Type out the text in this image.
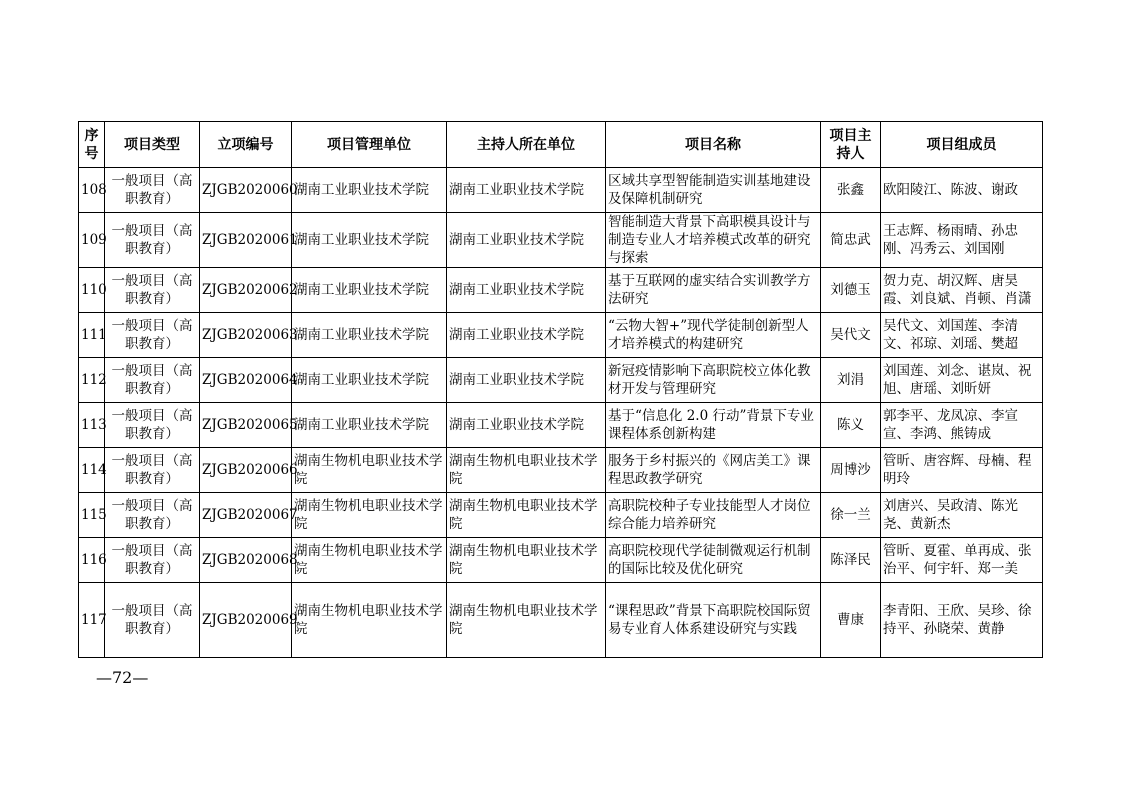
序号	项目类型	立项编号	项目管理单位	主持人所在单位	项目名称	项目主持人	项目组成员
108	一般项目（高职教育）	ZJGB2020060	湖南工业职业技术学院	湖南工业职业技术学院	区域共享型智能制造实训基地建设及保障机制研究	张鑫	欧阳陵江、陈波、谢政
109	一般项目（高职教育）	ZJGB2020061	湖南工业职业技术学院	湖南工业职业技术学院	智能制造大背景下高职模具设计与制造专业人才培养模式改革的研究与探索	简忠武	王志辉、杨雨晴、孙忠刚、冯秀云、刘国刚
110	一般项目（高职教育）	ZJGB2020062	湖南工业职业技术学院	湖南工业职业技术学院	基于互联网的虚实结合实训教学方法研究	刘德玉	贺力克、胡汉辉、唐昊霞、刘良斌、肖顿、肖潇
111	一般项目（高职教育）	ZJGB2020063	湖南工业职业技术学院	湖南工业职业技术学院	“云物大智+”现代学徒制创新型人才培养模式的构建研究	吴代文	吴代文、刘国莲、李清文、祁琼、刘瑶、樊超
112	一般项目（高职教育）	ZJGB2020064	湖南工业职业技术学院	湖南工业职业技术学院	新冠疫情影响下高职院校立体化教材开发与管理研究	刘涓	刘国莲、刘念、谌岚、祝旭、唐瑶、刘昕妍
113	一般项目（高职教育）	ZJGB2020065	湖南工业职业技术学院	湖南工业职业技术学院	基于“信息化 2.0 行动”背景下专业课程体系创新构建	陈义	郭李平、龙凤凉、李宣宣、李鸿、熊铸成
114	一般项目（高职教育）	ZJGB2020066	湖南生物机电职业技术学院	湖南生物机电职业技术学院	服务于乡村振兴的《网店美工》课程思政教学研究	周博沙	管昕、唐容辉、母楠、程明玲
115	一般项目（高职教育）	ZJGB2020067	湖南生物机电职业技术学院	湖南生物机电职业技术学院	高职院校种子专业技能型人才岗位综合能力培养研究	徐一兰	刘唐兴、吴政清、陈光尧、黄新杰
116	一般项目（高职教育）	ZJGB2020068	湖南生物机电职业技术学院	湖南生物机电职业技术学院	高职院校现代学徒制微观运行机制的国际比较及优化研究	陈泽民	管昕、夏霍、单再成、张治平、何宇轩、郑一美
117	一般项目（高职教育）	ZJGB2020069	湖南生物机电职业技术学院	湖南生物机电职业技术学院	“课程思政”背景下高职院校国际贸易专业育人体系建设研究与实践	曹康	李青阳、王欣、吴珍、徐持平、孙晓荣、黄静
—72—
